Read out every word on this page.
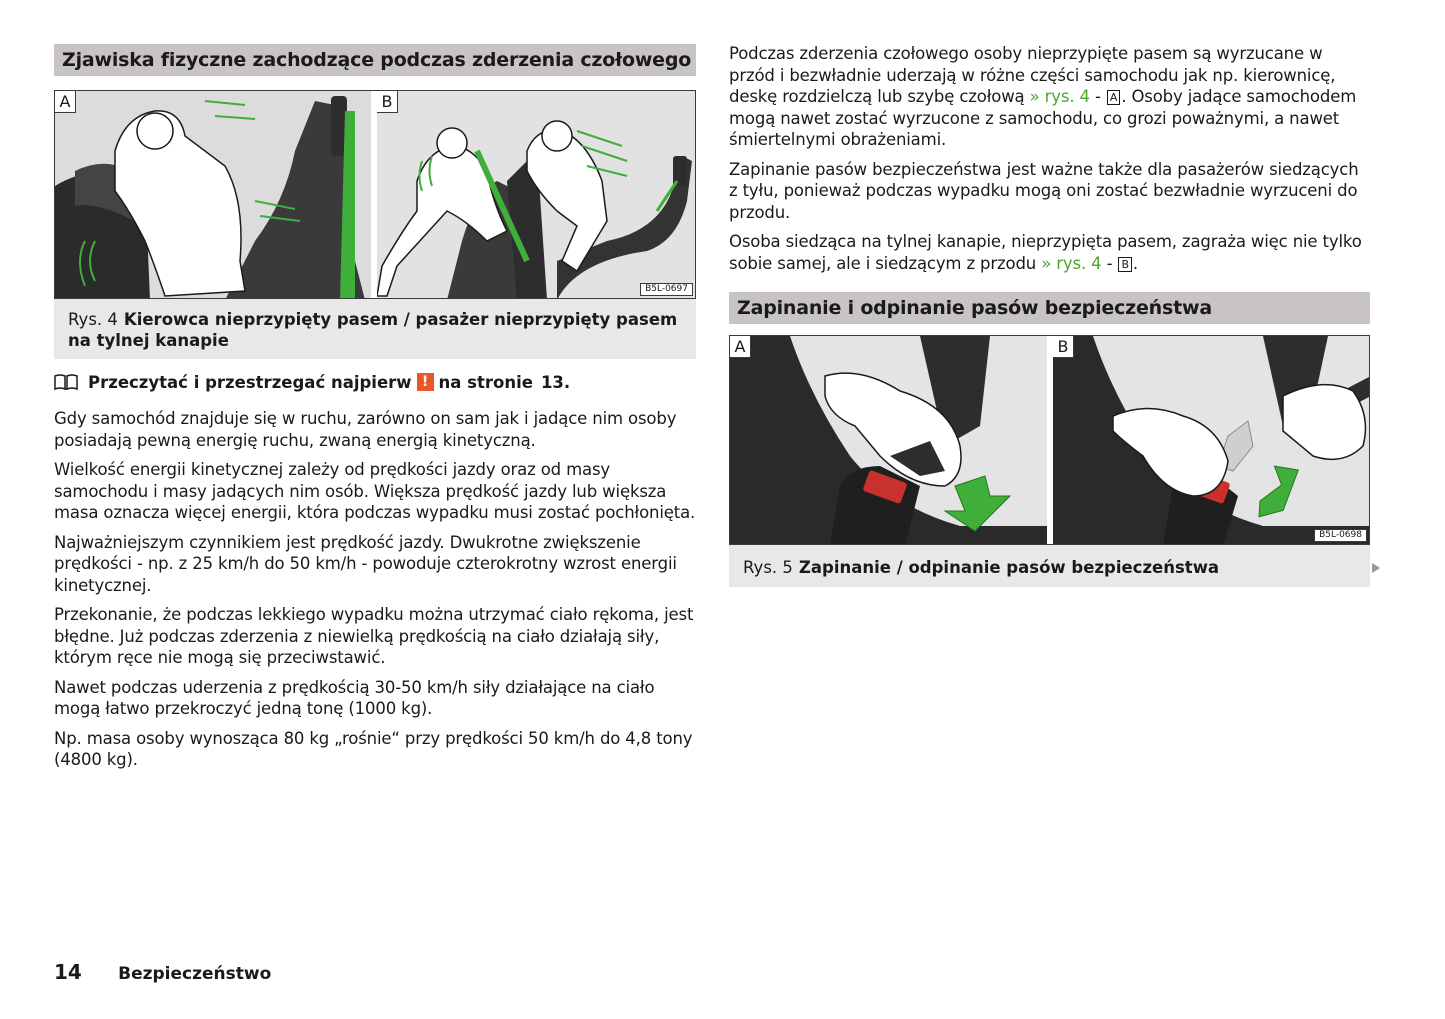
Zjawiska fizyczne zachodzące podczas zderzenia czołowego
A	B
B5L-0697
Rys. 4 Kierowca nieprzypięty pasem / pasażer nieprzypięty pasem na tylnej kanapie
Przeczytać i przestrzegać najpierw ! na stronie 13.

Gdy samochód znajduje się w ruchu, zarówno on sam jak i jadące nim osoby posiadają pewną energię ruchu, zwaną energią kinetyczną.

Wielkość energii kinetycznej zależy od prędkości jazdy oraz od masy samochodu i masy jadących nim osób. Większa prędkość jazdy lub większa masa oznacza więcej energii, która podczas wypadku musi zostać pochłonięta.

Najważniejszym czynnikiem jest prędkość jazdy. Dwukrotne zwiększenie prędkości - np. z 25 km/h do 50 km/h - powoduje czterokrotny wzrost energii kinetycznej.

Przekonanie, że podczas lekkiego wypadku można utrzymać ciało rękoma, jest błędne. Już podczas zderzenia z niewielką prędkością na ciało działają siły, którym ręce nie mogą się przeciwstawić.

Nawet podczas uderzenia z prędkością 30-50 km/h siły działające na ciało mogą łatwo przekroczyć jedną tonę (1000 kg).

Np. masa osoby wynosząca 80 kg „rośnie“ przy prędkości 50 km/h do 4,8 tony (4800 kg).

Podczas zderzenia czołowego osoby nieprzypięte pasem są wyrzucane w przód i bezwładnie uderzają w różne części samochodu jak np. kierownicę, deskę rozdzielczą lub szybę czołową » rys. 4 - A . Osoby jadące samochodem mogą nawet zostać wyrzucone z samochodu, co grozi poważnymi, a nawet śmiertelnymi obrażeniami.

Zapinanie pasów bezpieczeństwa jest ważne także dla pasażerów siedzących z tyłu, ponieważ podczas wypadku mogą oni zostać bezwładnie wyrzuceni do przodu.

Osoba siedząca na tylnej kanapie, nieprzypięta pasem, zagraża więc nie tylko sobie samej, ale i siedzącym z przodu » rys. 4 - B .

Zapinanie i odpinanie pasów bezpieczeństwa
A	B
B5L-0698
Rys. 5 Zapinanie / odpinanie pasów bezpieczeństwa
14 Bezpieczeństwo
